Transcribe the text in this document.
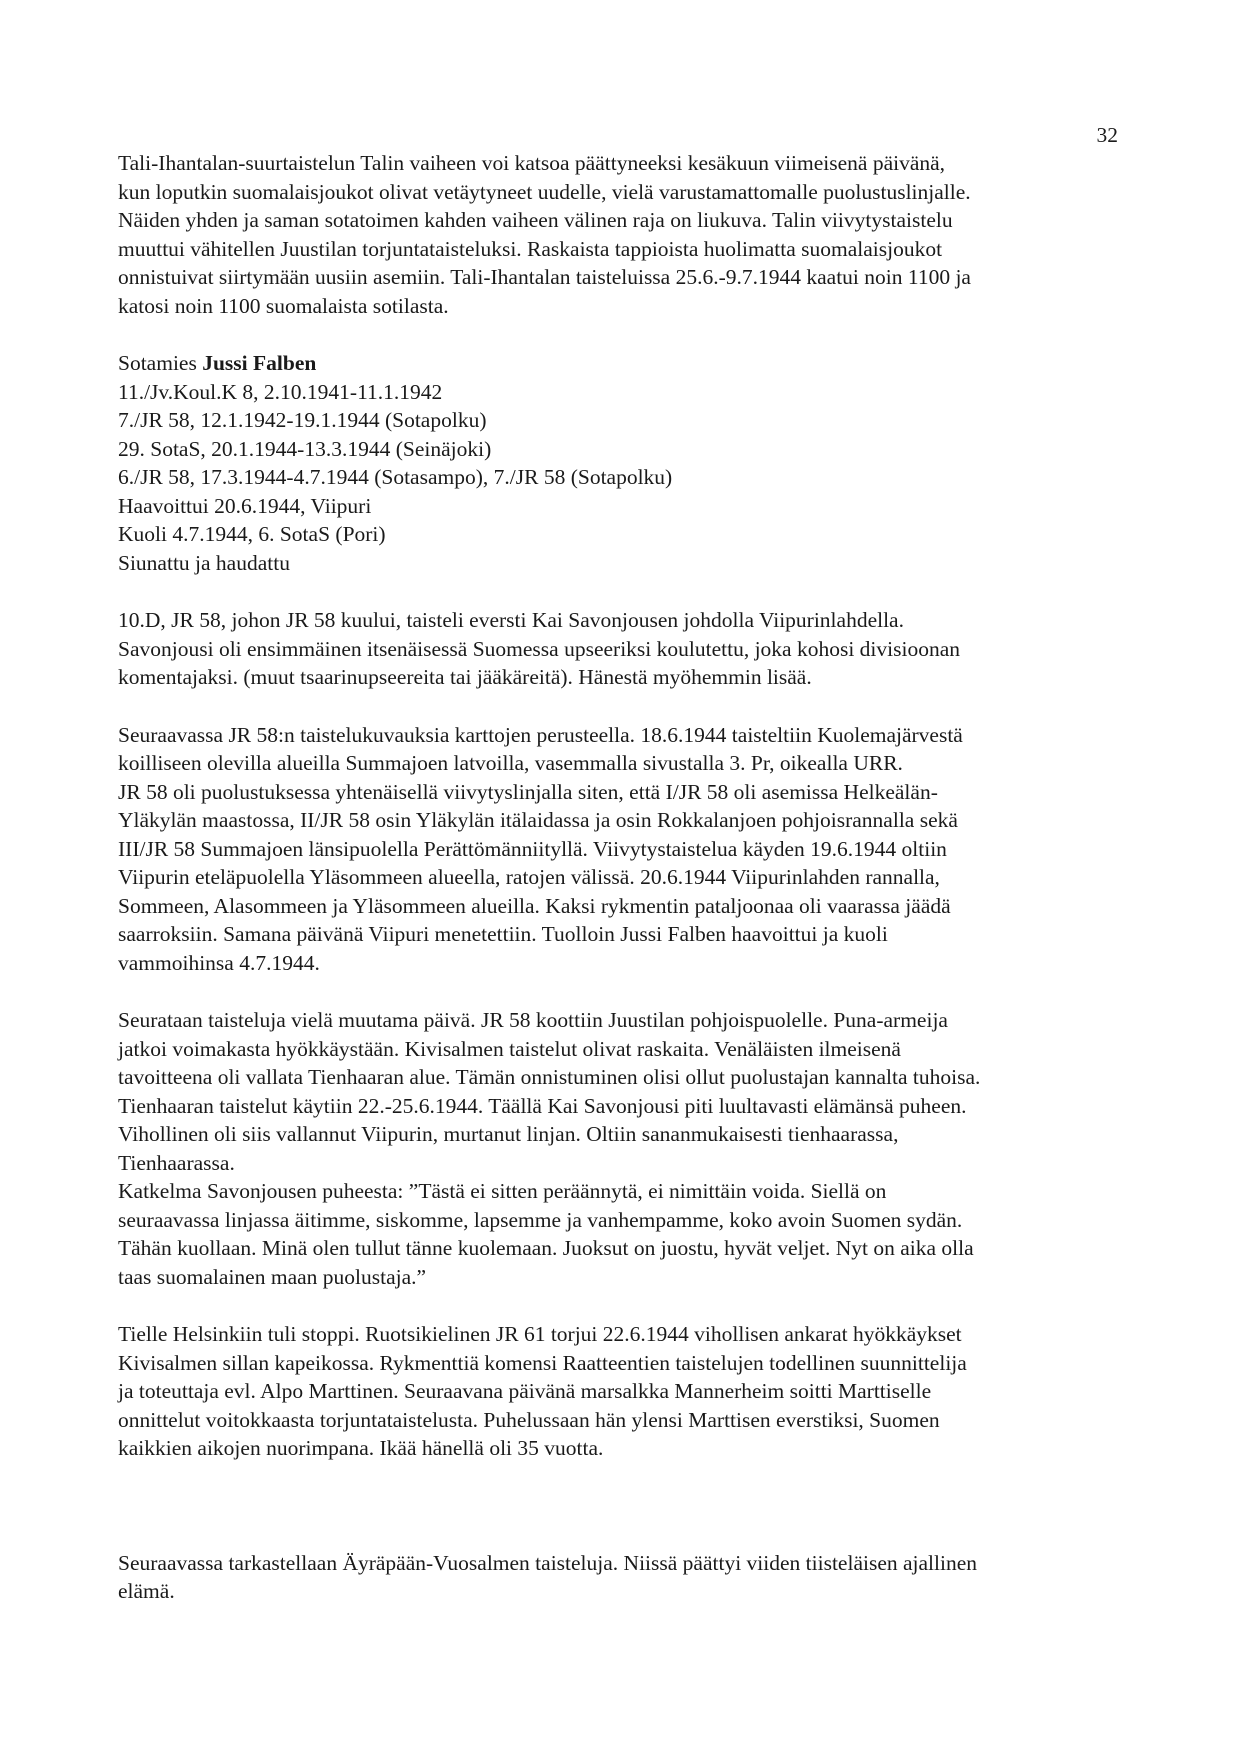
32

Tali-Ihantalan-suurtaistelun Talin vaiheen voi katsoa päättyneeksi kesäkuun viimeisenä päivänä,
kun loputkin suomalaisjoukot olivat vetäytyneet uudelle, vielä varustamattomalle puolustuslinjalle.
Näiden yhden ja saman sotatoimen kahden vaiheen välinen raja on liukuva. Talin viivytystaistelu
muuttui vähitellen Juustilan torjuntataisteluksi. Raskaista tappioista huolimatta suomalaisjoukot
onnistuivat siirtymään uusiin asemiin. Tali-Ihantalan taisteluissa 25.6.-9.7.1944 kaatui noin 1100 ja
katosi noin 1100 suomalaista sotilasta.

Sotamies Jussi Falben
11./Jv.Koul.K 8, 2.10.1941-11.1.1942
7./JR 58, 12.1.1942-19.1.1944 (Sotapolku)
29. SotaS, 20.1.1944-13.3.1944 (Seinäjoki)
6./JR 58, 17.3.1944-4.7.1944 (Sotasampo), 7./JR 58 (Sotapolku)
Haavoittui 20.6.1944, Viipuri
Kuoli 4.7.1944, 6. SotaS (Pori)
Siunattu ja haudattu

10.D, JR 58, johon JR 58 kuului, taisteli eversti Kai Savonjousen johdolla Viipurinlahdella.
Savonjousi oli ensimmäinen itsenäisessä Suomessa upseeriksi koulutettu, joka kohosi divisioonan
komentajaksi. (muut tsaarinupseereita tai jääkäreitä). Hänestä myöhemmin lisää.

Seuraavassa JR 58:n taistelukuvauksia karttojen perusteella. 18.6.1944 taisteltiin Kuolemajärvestä
koilliseen olevilla alueilla Summajoen latvoilla, vasemmalla sivustalla 3. Pr, oikealla URR.
JR 58 oli puolustuksessa yhtenäisellä viivytyslinjalla siten, että I/JR 58 oli asemissa Helkeälän-
Yläkylän maastossa, II/JR 58 osin Yläkylän itälaidassa ja osin Rokkalanjoen pohjoisrannalla sekä
III/JR 58 Summajoen länsipuolella Perättömänniityllä. Viivytystaistelua käyden 19.6.1944 oltiin
Viipurin eteläpuolella Yläsommeen alueella, ratojen välissä. 20.6.1944 Viipurinlahden rannalla,
Sommeen, Alasommeen ja Yläsommeen alueilla. Kaksi rykmentin pataljoonaa oli vaarassa jäädä
saarroksiin. Samana päivänä Viipuri menetettiin. Tuolloin Jussi Falben haavoittui ja kuoli
vammoihinsa 4.7.1944.

Seurataan taisteluja vielä muutama päivä. JR 58 koottiin Juustilan pohjoispuolelle. Puna-armeija
jatkoi voimakasta hyökkäystään. Kivisalmen taistelut olivat raskaita. Venäläisten ilmeisenä
tavoitteena oli vallata Tienhaaran alue. Tämän onnistuminen olisi ollut puolustajan kannalta tuhoisa.
Tienhaaran taistelut käytiin 22.-25.6.1944. Täällä Kai Savonjousi piti luultavasti elämänsä puheen.
Vihollinen oli siis vallannut Viipurin, murtanut linjan. Oltiin sananmukaisesti tienhaarassa,
Tienhaarassa.
Katkelma Savonjousen puheesta: ”Tästä ei sitten peräännytä, ei nimittäin voida. Siellä on
seuraavassa linjassa äitimme, siskomme, lapsemme ja vanhempamme, koko avoin Suomen sydän.
Tähän kuollaan. Minä olen tullut tänne kuolemaan. Juoksut on juostu, hyvät veljet. Nyt on aika olla
taas suomalainen maan puolustaja.”

Tielle Helsinkiin tuli stoppi. Ruotsikielinen JR 61 torjui 22.6.1944 vihollisen ankarat hyökkäykset
Kivisalmen sillan kapeikossa. Rykmenttiä komensi Raatteentien taistelujen todellinen suunnittelija
ja toteuttaja evl. Alpo Marttinen. Seuraavana päivänä marsalkka Mannerheim soitti Marttiselle
onnittelut voitokkaasta torjuntataistelusta. Puhelussaan hän ylensi Marttisen everstiksi, Suomen
kaikkien aikojen nuorimpana. Ikää hänellä oli 35 vuotta.

Seuraavassa tarkastellaan Äyräpään-Vuosalmen taisteluja. Niissä päättyi viiden tiisteläisen ajallinen
elämä.
